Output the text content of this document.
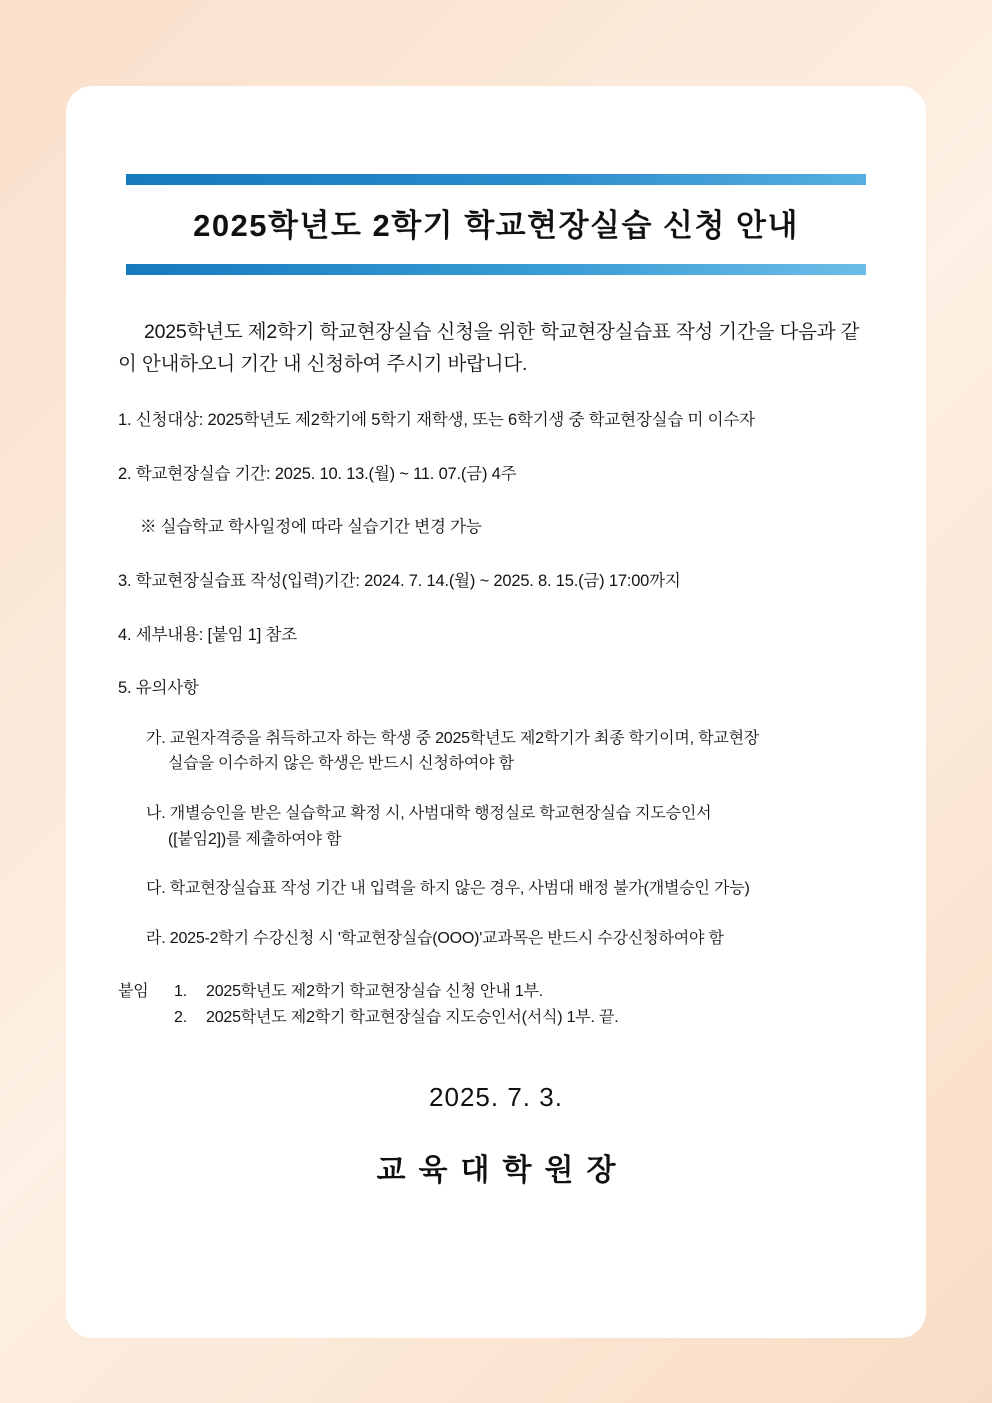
2025학년도 2학기 학교현장실습 신청 안내

2025학년도 제2학기 학교현장실습 신청을 위한 학교현장실습표 작성 기간을 다음과 같이 안내하오니 기간 내 신청하여 주시기 바랍니다.

1. 신청대상: 2025학년도 제2학기에 5학기 재학생, 또는 6학기생 중 학교현장실습 미 이수자

2. 학교현장실습 기간: 2025. 10. 13.(월) ~ 11. 07.(금) 4주

※ 실습학교 학사일정에 따라 실습기간 변경 가능

3. 학교현장실습표 작성(입력)기간: 2024. 7. 14.(월) ~ 2025. 8. 15.(금) 17:00까지

4. 세부내용: [붙임 1] 참조

5. 유의사항

가. 교원자격증을 취득하고자 하는 학생 중 2025학년도 제2학기가 최종 학기이며, 학교현장
실습을 이수하지 않은 학생은 반드시 신청하여야 함

나. 개별승인을 받은 실습학교 확정 시, 사범대학 행정실로 학교현장실습 지도승인서
([붙임2])를 제출하여야 함

다. 학교현장실습표 작성 기간 내 입력을 하지 않은 경우, 사범대 배정 불가(개별승인 가능)

라. 2025-2학기 수강신청 시 '학교현장실습(OOO)'교과목은 반드시 수강신청하여야 함

붙임 1. 2025학년도 제2학기 학교현장실습 신청 안내 1부.
2. 2025학년도 제2학기 학교현장실습 지도승인서(서식) 1부. 끝.
2025. 7. 3.
교육대학원장
